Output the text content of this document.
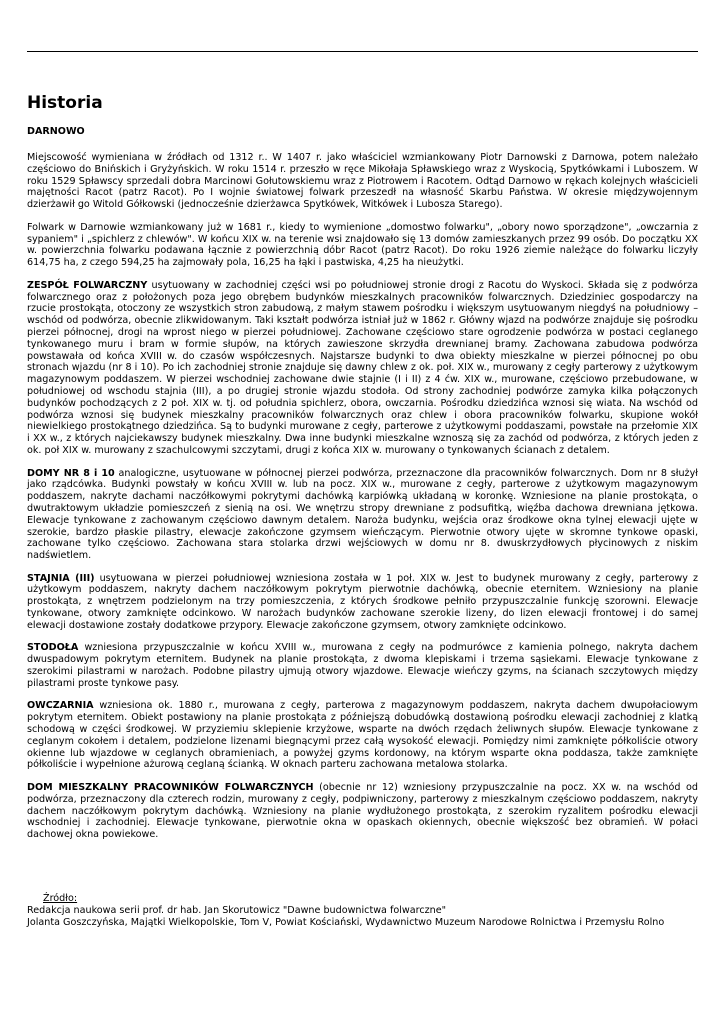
Historia
DARNOWO

Miejscowość wymieniana w źródłach od 1312 r.. W 1407 r. jako właściciel wzmiankowany Piotr Darnowski z Darnowa, potem należało częściowo do Bnińskich i Gryżyńskich. W roku 1514 r. przeszło w ręce Mikołaja Spławskiego wraz z Wyskocią, Spytkówkami i Luboszem. W roku 1529 Spławscy sprzedali dobra Marcinowi Gołutowskiemu wraz z Piotrowem i Racotem. Odtąd Darnowo w rękach kolejnych właścicieli majętności Racot (patrz Racot). Po I wojnie światowej folwark przeszedł na własność Skarbu Państwa. W okresie międzywojennym dzierżawił go Witold Gółkowski (jednocześnie dzierżawca Spytkówek, Witkówek i Lubosza Starego).

Folwark w Darnowie wzmiankowany już w 1681 r., kiedy to wymienione „domostwo folwarku", „obory nowo sporządzone", „owczarnia z sypaniem" i „spichlerz z chlewów". W końcu XIX w. na terenie wsi znajdowało się 13 domów zamieszkanych przez 99 osób. Do początku XX w. powierzchnia folwarku podawana łącznie z powierzchnią dóbr Racot (patrz Racot). Do roku 1926 ziemie należące do folwarku liczyły 614,75 ha, z czego 594,25 ha zajmowały pola, 16,25 ha łąki i pastwiska, 4,25 ha nieużytki.

ZESPÓŁ FOLWARCZNY usytuowany w zachodniej części wsi po południowej stronie drogi z Racotu do Wyskoci. Składa się z podwórza folwarcznego oraz z położonych poza jego obrębem budynków mieszkalnych pracowników folwarcznych. Dziedziniec gospodarczy na rzucie prostokąta, otoczony ze wszystkich stron zabudową, z małym stawem pośrodku i większym usytuowanym niegdyś na południowy – wschód od podwórza, obecnie zlikwidowanym. Taki kształt podwórza istniał już w 1862 r. Główny wjazd na podwórze znajduje się pośrodku pierzei północnej, drogi na wprost niego w pierzei południowej. Zachowane częściowo stare ogrodzenie podwórza w postaci ceglanego tynkowanego muru i bram w formie słupów, na których zawieszone skrzydła drewnianej bramy. Zachowana zabudowa podwórza powstawała od końca XVIII w. do czasów współczesnych. Najstarsze budynki to dwa obiekty mieszkalne w pierzei północnej po obu stronach wjazdu (nr 8 i 10). Po ich zachodniej stronie znajduje się dawny chlew z ok. poł. XIX w., murowany z cegły parterowy z użytkowym magazynowym poddaszem. W pierzei wschodniej zachowane dwie stajnie (I i II) z 4 ćw. XIX w., murowane, częściowo przebudowane, w południowej od wschodu stajnia (III), a po drugiej stronie wjazdu stodoła. Od strony zachodniej podwórze zamyka kilka połączonych budynków pochodzących z 2 poł. XIX w. tj. od południa spichlerz, obora, owczarnia. Pośrodku dziedzińca wznosi się wiata. Na wschód od podwórza wznosi się budynek mieszkalny pracowników folwarcznych oraz chlew i obora pracowników folwarku, skupione wokół niewielkiego prostokątnego dziedzińca. Są to budynki murowane z cegły, parterowe z użytkowymi poddaszami, powstałe na przełomie XIX i XX w., z których najciekawszy budynek mieszkalny. Dwa inne budynki mieszkalne wznoszą się za zachód od podwórza, z których jeden z ok. poł XIX w. murowany z szachulcowymi szczytami, drugi z końca XIX w. murowany o tynkowanych ścianach z detalem.

DOMY NR 8 i 10 analogiczne, usytuowane w północnej pierzei podwórza, przeznaczone dla pracowników folwarcznych. Dom nr 8 służył jako rządcówka. Budynki powstały w końcu XVIII w. lub na pocz. XIX w., murowane z cegły, parterowe z użytkowym magazynowym poddaszem, nakryte dachami naczółkowymi pokrytymi dachówką karpiówką układaną w koronkę. Wzniesione na planie prostokąta, o dwutraktowym układzie pomieszczeń z sienią na osi. We wnętrzu stropy drewniane z podsufitką, więźba dachowa drewniana jętkowa. Elewacje tynkowane z zachowanym częściowo dawnym detalem. Naroża budynku, wejścia oraz środkowe okna tylnej elewacji ujęte w szerokie, bardzo płaskie pilastry, elewacje zakończone gzymsem wieńczącym. Pierwotnie otwory ujęte w skromne tynkowe opaski, zachowane tylko częściowo. Zachowana stara stolarka drzwi wejściowych w domu nr 8. dwuskrzydłowych płycinowych z niskim nadświetlem.

STAJNIA (III) usytuowana w pierzei południowej wzniesiona została w 1 poł. XIX w. Jest to budynek murowany z cegły, parterowy z użytkowym poddaszem, nakryty dachem naczółkowym pokrytym pierwotnie dachówką, obecnie eternitem. Wzniesiony na planie prostokąta, z wnętrzem podzielonym na trzy pomieszczenia, z których środkowe pełniło przypuszczalnie funkcję szorowni. Elewacje tynkowane, otwory zamknięte odcinkowo. W narożach budynków zachowane szerokie lizeny, do lizen elewacji frontowej i do samej elewacji dostawione zostały dodatkowe przypory. Elewacje zakończone gzymsem, otwory zamknięte odcinkowo.

STODOŁA wzniesiona przypuszczalnie w końcu XVIII w., murowana z cegły na podmurówce z kamienia polnego, nakryta dachem dwuspadowym pokrytym eternitem. Budynek na planie prostokąta, z dwoma klepiskami i trzema sąsiekami. Elewacje tynkowane z szerokimi pilastrami w narożach. Podobne pilastry ujmują otwory wjazdowe. Elewacje wieńczy gzyms, na ścianach szczytowych między pilastrami proste tynkowe pasy.

OWCZARNIA wzniesiona ok. 1880 r., murowana z cegły, parterowa z magazynowym poddaszem, nakryta dachem dwupołaciowym pokrytym eternitem. Obiekt postawiony na planie prostokąta z późniejszą dobudówką dostawioną pośrodku elewacji zachodniej z klatką schodową w części środkowej. W przyziemiu sklepienie krzyżowe, wsparte na dwóch rzędach żeliwnych słupów. Elewacje tynkowane z ceglanym cokołem i detalem, podzielone lizenami biegnącymi przez całą wysokość elewacji. Pomiędzy nimi zamknięte półkoliście otwory okienne lub wjazdowe w ceglanych obramieniach, a powyżej gzyms kordonowy, na którym wsparte okna poddasza, także zamknięte półkoliście i wypełnione ażurową ceglaną ścianką. W oknach parteru zachowana metalowa stolarka.

DOM MIESZKALNY PRACOWNIKÓW FOLWARCZNYCH (obecnie nr 12) wzniesiony przypuszczalnie na pocz. XX w. na wschód od podwórza, przeznaczony dla czterech rodzin, murowany z cegły, podpiwniczony, parterowy z mieszkalnym częściowo poddaszem, nakryty dachem naczółkowym pokrytym dachówką. Wzniesiony na planie wydłużonego prostokąta, z szerokim ryzalitem pośrodku elewacji wschodniej i zachodniej. Elewacje tynkowane, pierwotnie okna w opaskach okiennych, obecnie większość bez obramień. W połaci dachowej okna powiekowe.

Źródło:
Redakcja naukowa serii prof. dr hab. Jan Skorutowicz "Dawne budownictwa folwarczne"
Jolanta Goszczyńska, Majątki Wielkopolskie, Tom V, Powiat Kościański, Wydawnictwo Muzeum Narodowe Rolnictwa i Przemysłu Rolno
